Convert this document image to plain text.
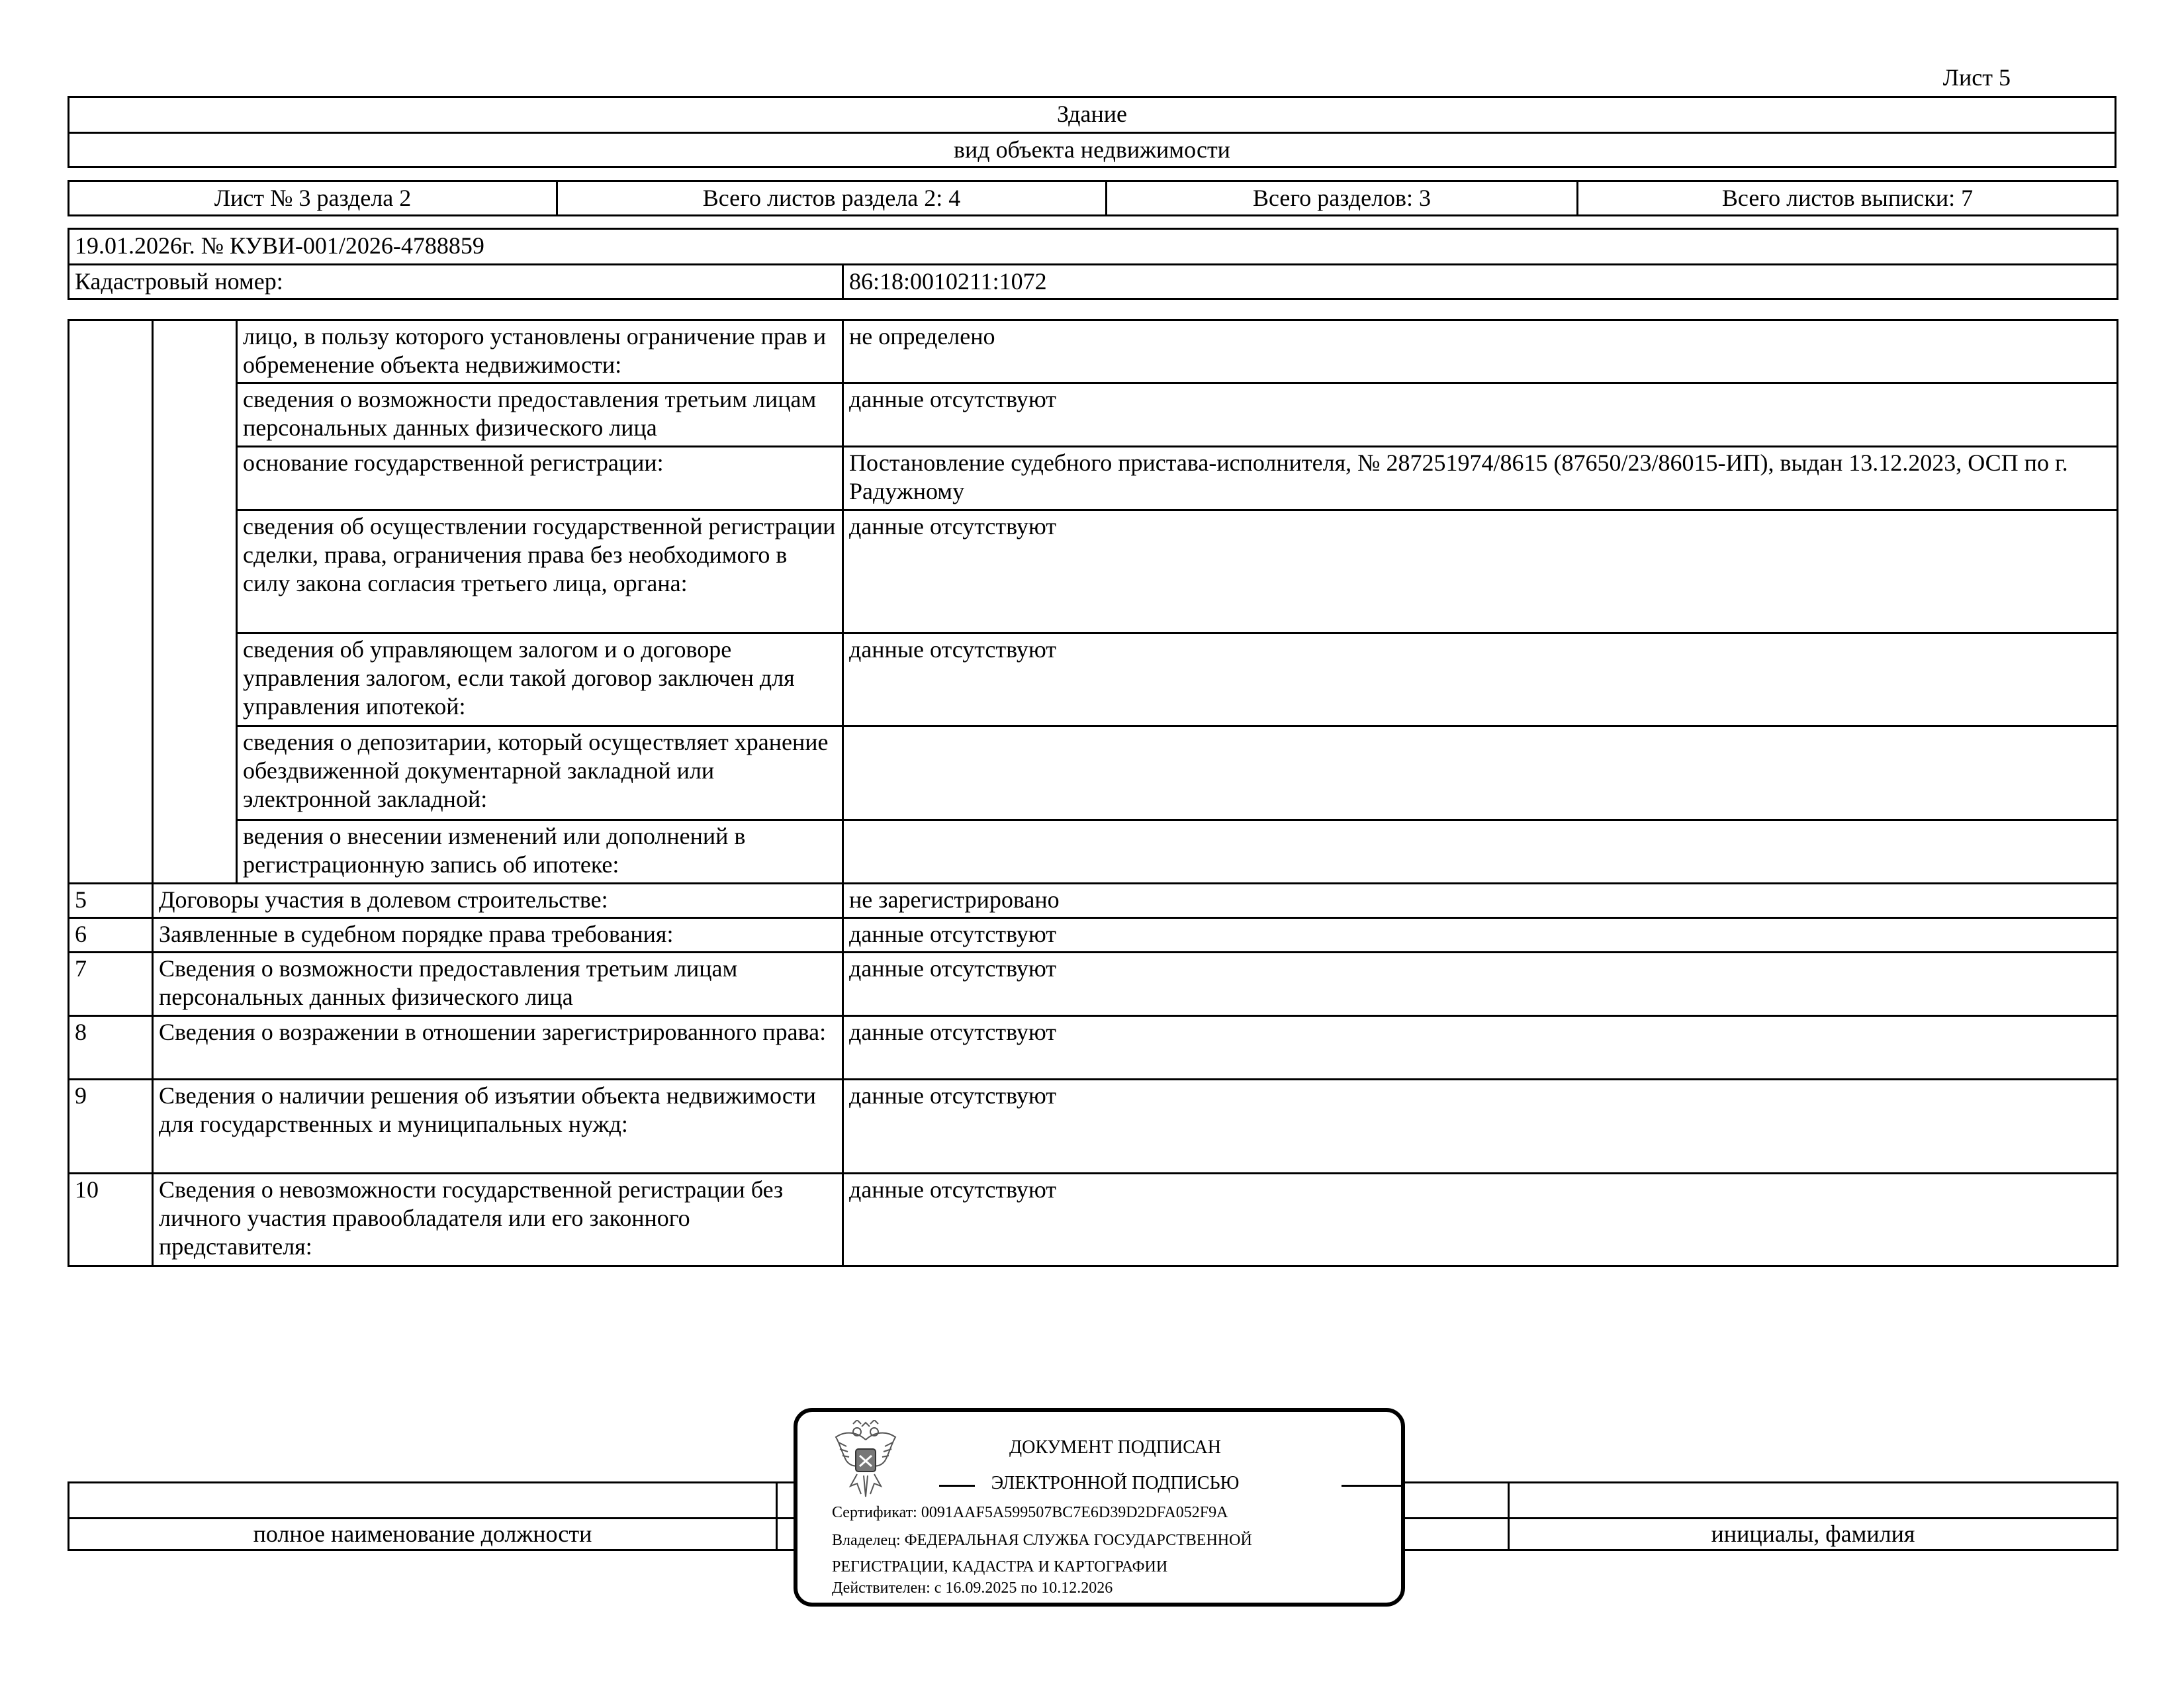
Лист 5
Здание
вид объекта недвижимости
Лист № 3 раздела 2	Всего листов раздела 2: 4	Всего разделов: 3	Всего листов выписки: 7
19.01.2026г. № КУВИ-001/2026-4788859
Кадастровый номер:	86:18:0010211:1072
		лицо, в пользу которого установлены ограничение прав и обременение объекта недвижимости:	не определено
		сведения о возможности предоставления третьим лицам персональных данных физического лица	данные отсутствуют
		основание государственной регистрации:	Постановление судебного пристава-исполнителя, № 287251974/8615 (87650/23/86015-ИП), выдан 13.12.2023, ОСП по г. Радужному
		сведения об осуществлении государственной регистрации сделки, права, ограничения права без необходимого в силу закона согласия третьего лица, органа:	данные отсутствуют
		сведения об управляющем залогом и о договоре управления залогом, если такой договор заключен для управления ипотекой:	данные отсутствуют
		сведения о депозитарии, который осуществляет хранение обездвиженной документарной закладной или электронной закладной:	
		ведения о внесении изменений или дополнений в регистрационную запись об ипотеке:	
5	Договоры участия в долевом строительстве:		не зарегистрировано
6	Заявленные в судебном порядке права требования:		данные отсутствуют
7	Сведения о возможности предоставления третьим лицам персональных данных физического лица		данные отсутствуют
8	Сведения о возражении в отношении зарегистрированного права:		данные отсутствуют
9	Сведения о наличии решения об изъятии объекта недвижимости для государственных и муниципальных нужд:		данные отсутствуют
10	Сведения о невозможности государственной регистрации без личного участия правообладателя или его законного представителя:		данные отсутствуют

полное наименование должности		инициалы, фамилия
ДОКУМЕНТ ПОДПИСАН
ЭЛЕКТРОННОЙ ПОДПИСЬЮ
Сертификат: 0091AAF5A599507BC7E6D39D2DFA052F9A
Владелец: ФЕДЕРАЛЬНАЯ СЛУЖБА ГОСУДАРСТВЕННОЙ
РЕГИСТРАЦИИ, КАДАСТРА И КАРТОГРАФИИ
Действителен: с 16.09.2025 по 10.12.2026
